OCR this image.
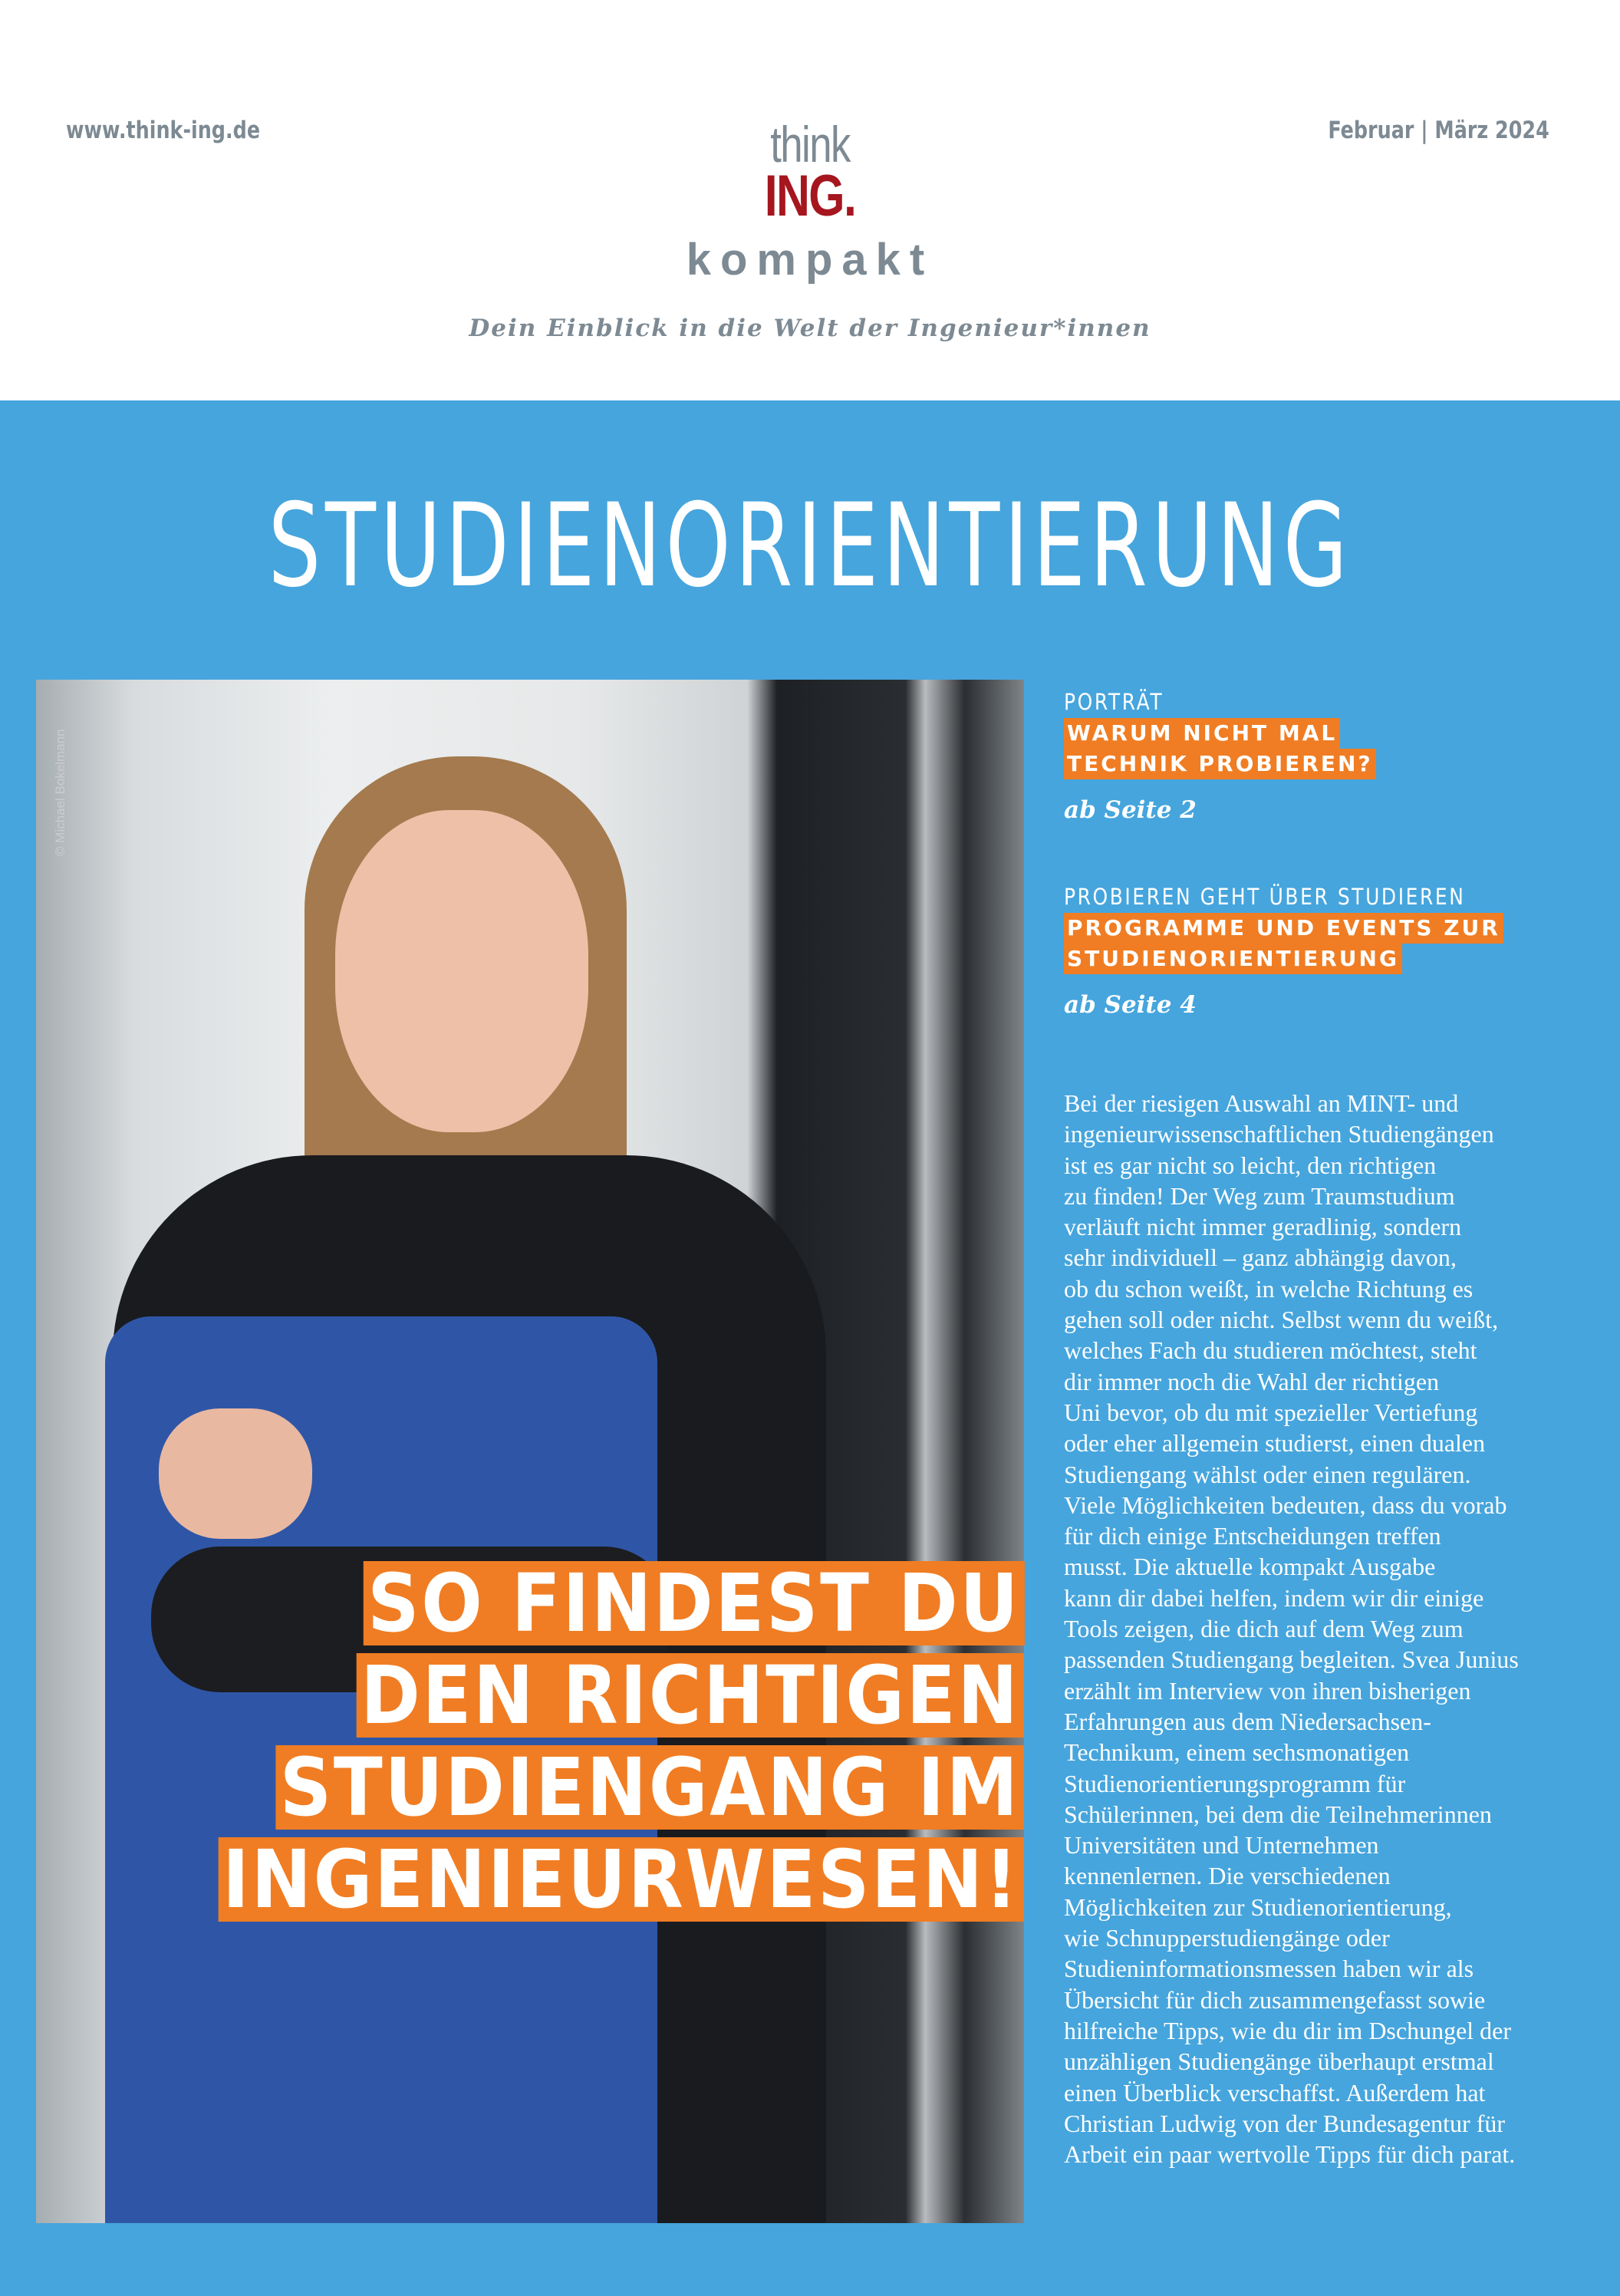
www.think-ing.de	Februar | März 2024
think
ING.
kompakt
Dein Einblick in die Welt der Ingenieur*innen
STUDIENORIENTIERUNG
© Michael Bokelmann
SO FINDEST DU
DEN RICHTIGEN
STUDIENGANG IM
INGENIEURWESEN!
PORTRÄT
WARUM NICHT MAL
TECHNIK PROBIEREN?
ab Seite 2
PROBIEREN GEHT ÜBER STUDIEREN
PROGRAMME UND EVENTS ZUR
STUDIENORIENTIERUNG
ab Seite 4
Bei der riesigen Auswahl an MINT- und
ingenieurwissenschaftlichen Studiengängen
ist es gar nicht so leicht, den richtigen
zu finden! Der Weg zum Traumstudium
verläuft nicht immer geradlinig, sondern
sehr individuell – ganz abhängig davon,
ob du schon weißt, in welche Richtung es
gehen soll oder nicht. Selbst wenn du weißt,
welches Fach du studieren möchtest, steht
dir immer noch die Wahl der richtigen
Uni bevor, ob du mit spezieller Vertiefung
oder eher allgemein studierst, einen dualen
Studiengang wählst oder einen regulären.
Viele Möglichkeiten bedeuten, dass du vorab
für dich einige Entscheidungen treffen
musst. Die aktuelle kompakt Ausgabe
kann dir dabei helfen, indem wir dir einige
Tools zeigen, die dich auf dem Weg zum
passenden Studiengang begleiten. Svea Junius
erzählt im Interview von ihren bisherigen
Erfahrungen aus dem Niedersachsen-
Technikum, einem sechsmonatigen
Studienorientierungsprogramm für
Schülerinnen, bei dem die Teilnehmerinnen
Universitäten und Unternehmen
kennenlernen. Die verschiedenen
Möglichkeiten zur Studienorientierung,
wie Schnupperstudiengänge oder
Studieninformationsmessen haben wir als
Übersicht für dich zusammengefasst sowie
hilfreiche Tipps, wie du dir im Dschungel der
unzähligen Studiengänge überhaupt erstmal
einen Überblick verschaffst. Außerdem hat
Christian Ludwig von der Bundesagentur für
Arbeit ein paar wertvolle Tipps für dich parat.
